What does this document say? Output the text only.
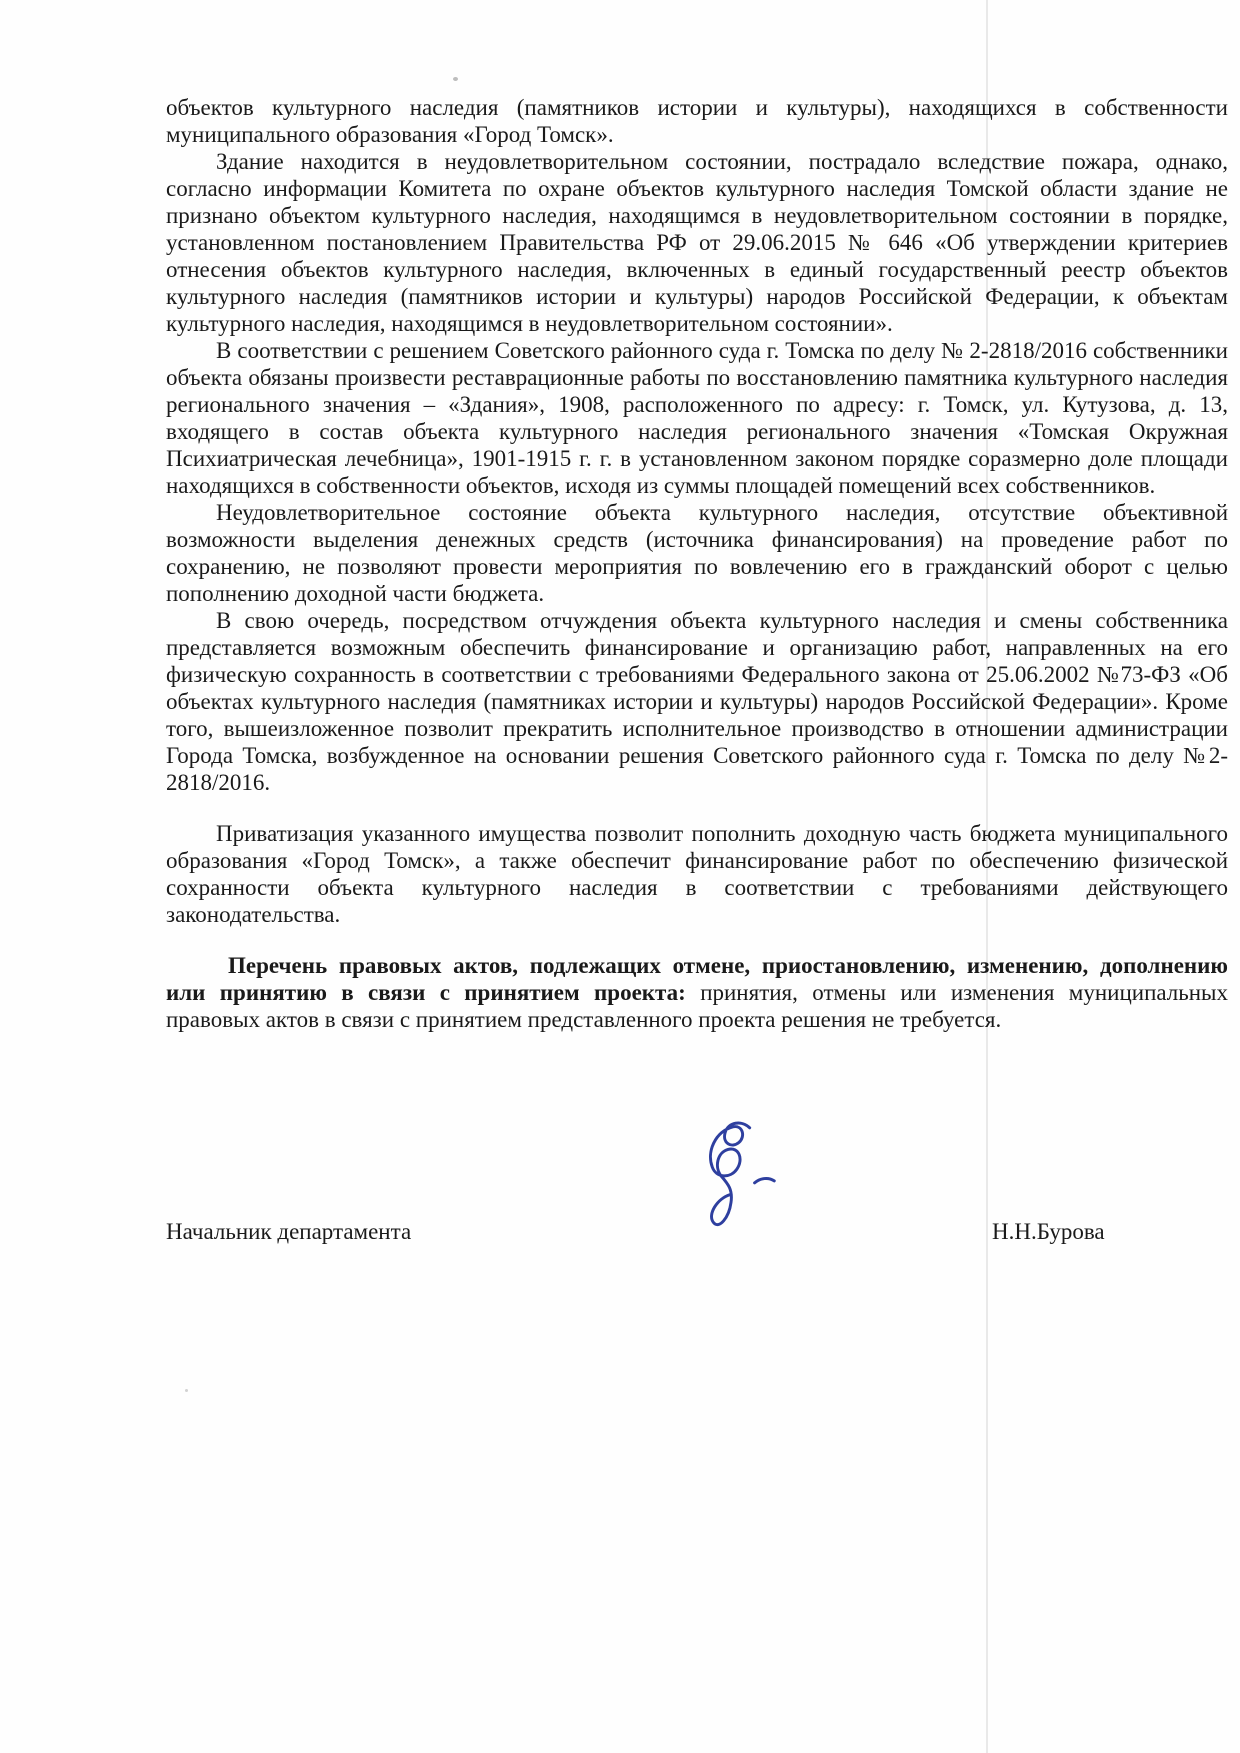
объектов культурного наследия (памятников истории и культуры), находящихся в собственности муниципального образования «Город Томск».

Здание находится в неудовлетворительном состоянии, пострадало вследствие пожара, однако, согласно информации Комитета по охране объектов культурного наследия Томской области здание не признано объектом культурного наследия, находящимся в неудовлетворительном состоянии в порядке, установленном постановлением Правительства РФ от 29.06.2015 № 646 «Об утверждении критериев отнесения объектов культурного наследия, включенных в единый государственный реестр объектов культурного наследия (памятников истории и культуры) народов Российской Федерации, к объектам культурного наследия, находящимся в неудовлетворительном состоянии».

В соответствии с решением Советского районного суда г. Томска по делу № 2-2818/2016 собственники объекта обязаны произвести реставрационные работы по восстановлению памятника культурного наследия регионального значения – «Здания», 1908, расположенного по адресу: г. Томск, ул. Кутузова, д. 13, входящего в состав объекта культурного наследия регионального значения «Томская Окружная Психиатрическая лечебница», 1901-1915 г. г. в установленном законом порядке соразмерно доле площади находящихся в собственности объектов, исходя из суммы площадей помещений всех собственников.

Неудовлетворительное состояние объекта культурного наследия, отсутствие объективной возможности выделения денежных средств (источника финансирования) на проведение работ по сохранению, не позволяют провести мероприятия по вовлечению его в гражданский оборот с целью пополнению доходной части бюджета.

В свою очередь, посредством отчуждения объекта культурного наследия и смены собственника представляется возможным обеспечить финансирование и организацию работ, направленных на его физическую сохранность в соответствии с требованиями Федерального закона от 25.06.2002 №73-ФЗ «Об объектах культурного наследия (памятниках истории и культуры) народов Российской Федерации». Кроме того, вышеизложенное позволит прекратить исполнительное производство в отношении администрации Города Томска, возбужденное на основании решения Советского районного суда г. Томска по делу №2-2818/2016.

Приватизация указанного имущества позволит пополнить доходную часть бюджета муниципального образования «Город Томск», а также обеспечит финансирование работ по обеспечению физической сохранности объекта культурного наследия в соответствии с требованиями действующего законодательства.

Перечень правовых актов, подлежащих отмене, приостановлению, изменению, дополнению или принятию в связи с принятием проекта: принятия, отмены или изменения муниципальных правовых актов в связи с принятием представленного проекта решения не требуется.

Начальник департамента	Н.Н.Бурова
